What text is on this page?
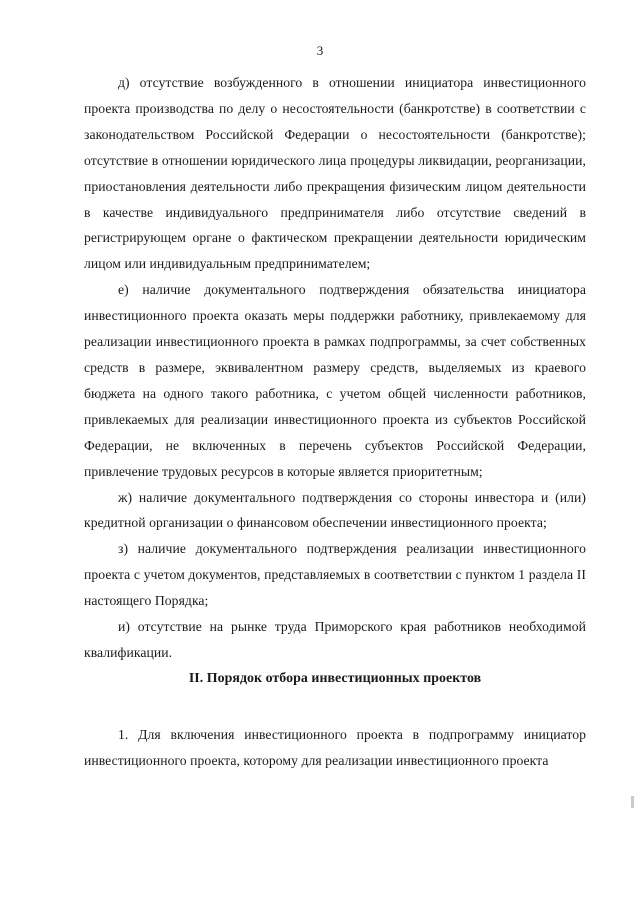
3

д) отсутствие возбужденного в отношении инициатора инвестиционного проекта производства по делу о несостоятельности (банкротстве) в соответствии с законодательством Российской Федерации о несостоятельности (банкротстве); отсутствие в отношении юридического лица процедуры ликвидации, реорганизации, приостановления деятельности либо прекращения физическим лицом деятельности в качестве индивидуального предпринимателя либо отсутствие сведений в регистрирующем органе о фактическом прекращении деятельности юридическим лицом или индивидуальным предпринимателем;

е) наличие документального подтверждения обязательства инициатора инвестиционного проекта оказать меры поддержки работнику, привлекаемому для реализации инвестиционного проекта в рамках подпрограммы, за счет собственных средств в размере, эквивалентном размеру средств, выделяемых из краевого бюджета на одного такого работника, с учетом общей численности работников, привлекаемых для реализации инвестиционного проекта из субъектов Российской Федерации, не включенных в перечень субъектов Российской Федерации, привлечение трудовых ресурсов в которые является приоритетным;

ж) наличие документального подтверждения со стороны инвестора и (или) кредитной организации о финансовом обеспечении инвестиционного проекта;

з) наличие документального подтверждения реализации инвестиционного проекта с учетом документов, представляемых в соответствии с пунктом 1 раздела II настоящего Порядка;

и) отсутствие на рынке труда Приморского края работников необходимой квалификации.

II. Порядок отбора инвестиционных проектов

1. Для включения инвестиционного проекта в подпрограмму инициатор инвестиционного проекта, которому для реализации инвестиционного проекта
